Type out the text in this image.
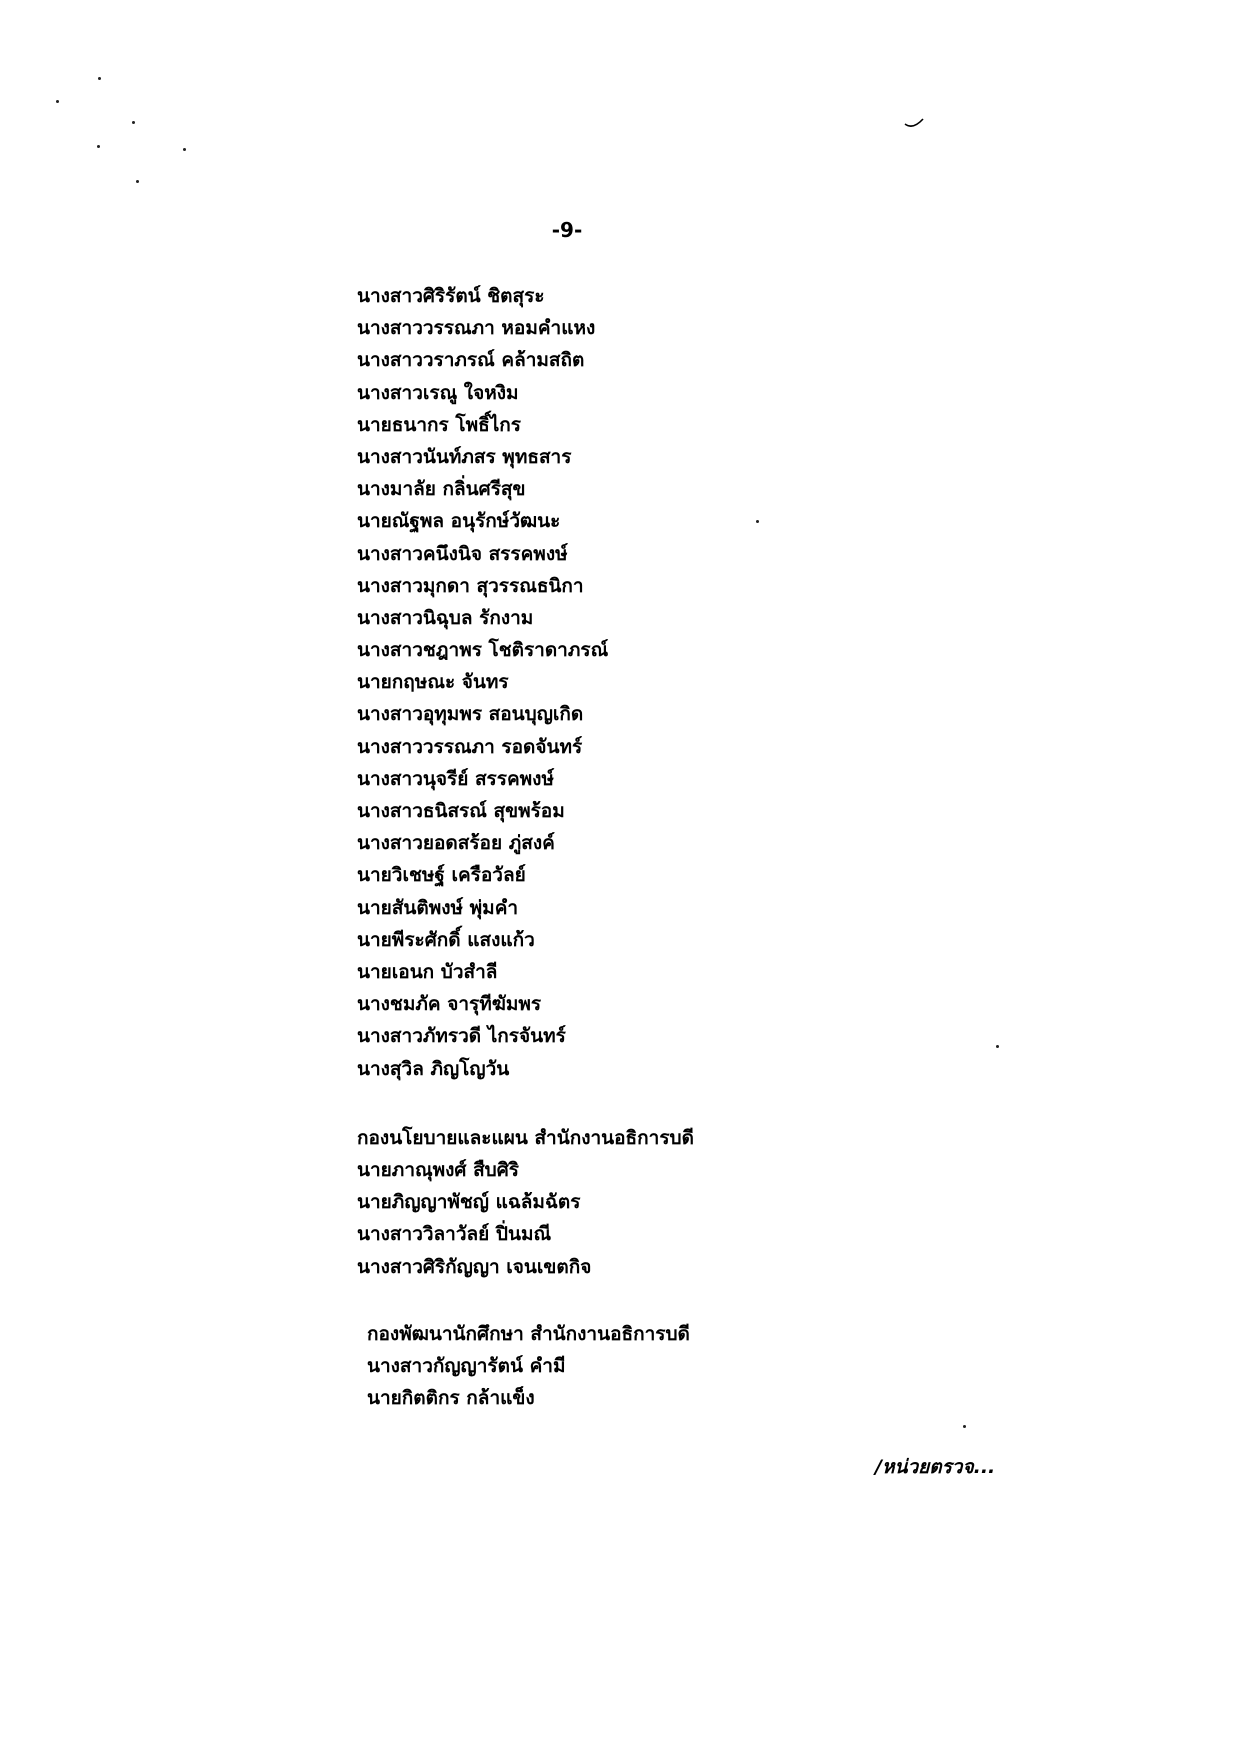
-9-
นางสาวศิริรัตน์ ชิตสุระ
นางสาววรรณภา หอมคำแหง
นางสาววราภรณ์ คล้ามสถิต
นางสาวเรณู ใจหงิม
นายธนากร โพธิ์ไกร
นางสาวนันท์ภสร พุทธสาร
นางมาลัย กลิ่นศรีสุข
นายณัฐพล อนุรักษ์วัฒนะ
นางสาวคนึงนิจ สรรคพงษ์
นางสาวมุกดา สุวรรณธนิกา
นางสาวนิฉุบล รักงาม
นางสาวชฎาพร โชติราดาภรณ์
นายกฤษณะ จันทร
นางสาวอุทุมพร สอนบุญเกิด
นางสาววรรณภา รอดจันทร์
นางสาวนุจรีย์ สรรคพงษ์
นางสาวธนิสรณ์ สุขพร้อม
นางสาวยอดสร้อย ภู่สงค์
นายวิเชษฐ์ เครือวัลย์
นายสันติพงษ์ พุ่มคำ
นายพีระศักดิ์ แสงแก้ว
นายเอนก บัวสำลี
นางชมภัค จารุทีฆัมพร
นางสาวภัทรวดี ไกรจันทร์
นางสุวิล ภิญโญวัน
กองนโยบายและแผน สำนักงานอธิการบดี
นายภาณุพงศ์ สืบศิริ
นายภิญญาพัชญ์ แฉล้มฉัตร
นางสาววิลาวัลย์ ปิ่นมณี
นางสาวศิริกัญญา เจนเขตกิจ
กองพัฒนานักศึกษา สำนักงานอธิการบดี
นางสาวกัญญารัตน์ คำมี
นายกิตติกร กล้าแข็ง
/หน่วยตรวจ...
